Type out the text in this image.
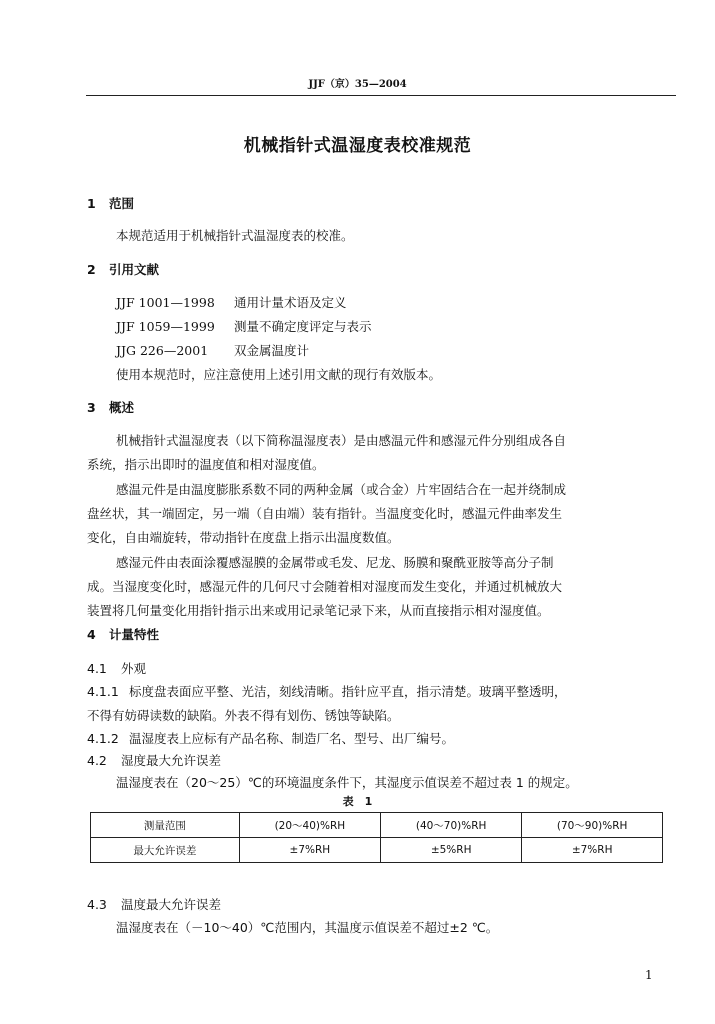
JJF（京）35—2004
机械指针式温湿度表校准规范
1 范围
本规范适用于机械指针式温湿度表的校准。
2 引用文献
JJF 1001—1998 通用计量术语及定义
JJF 1059—1999 测量不确定度评定与表示
JJG 226—2001 双金属温度计
使用本规范时，应注意使用上述引用文献的现行有效版本。
3 概述
机械指针式温湿度表（以下简称温湿度表）是由感温元件和感湿元件分别组成各自
系统，指示出即时的温度值和相对湿度值。
感温元件是由温度膨胀系数不同的两种金属（或合金）片牢固结合在一起并绕制成
盘丝状，其一端固定，另一端（自由端）装有指针。当温度变化时，感温元件曲率发生
变化，自由端旋转，带动指针在度盘上指示出温度数值。
感湿元件由表面涂覆感湿膜的金属带或毛发、尼龙、肠膜和聚酰亚胺等高分子制
成。当湿度变化时，感湿元件的几何尺寸会随着相对湿度而发生变化，并通过机械放大
装置将几何量变化用指针指示出来或用记录笔记录下来，从而直接指示相对湿度值。
4 计量特性
4.1 外观
4.1.1 标度盘表面应平整、光洁，刻线清晰。指针应平直，指示清楚。玻璃平整透明，
不得有妨碍读数的缺陷。外表不得有划伤、锈蚀等缺陷。
4.1.2 温湿度表上应标有产品名称、制造厂名、型号、出厂编号。
4.2 湿度最大允许误差
温湿度表在（20～25）℃的环境温度条件下，其湿度示值误差不超过表 1 的规定。
表　1
测量范围	(20～40)%RH	(40～70)%RH	(70～90)%RH
最大允许误差	±7%RH	±5%RH	±7%RH
4.3 温度最大允许误差
温湿度表在（－10～40）℃范围内，其温度示值误差不超过±2 ℃。
1
